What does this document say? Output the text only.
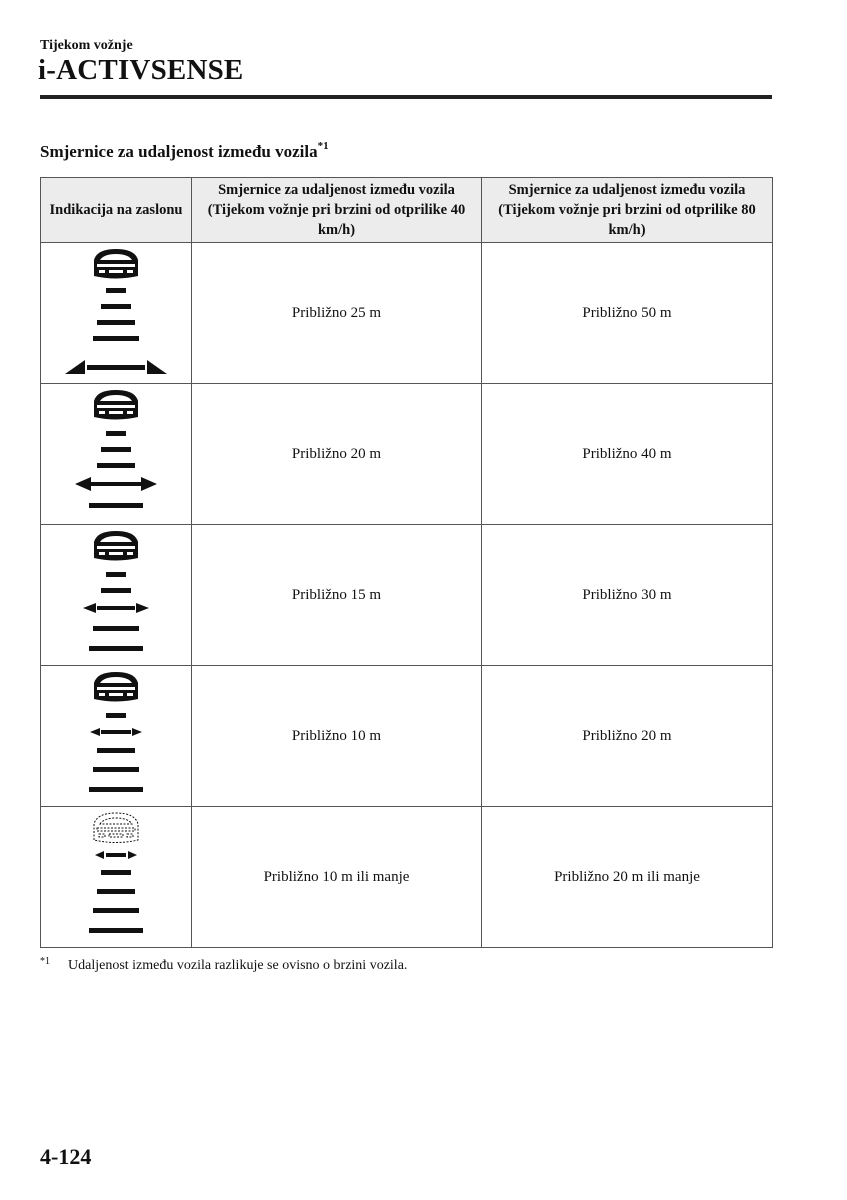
Tijekom vožnje
i-ACTIVSENSE
Smjernice za udaljenost između vozila$^{*1}$
Indikacija na zaslonu	Smjernice za udaljenost između vozila (Tijekom vožnje pri brzini od otprilike 40 km/h)	Smjernice za udaljenost između vozila (Tijekom vožnje pri brzini od otprilike 80 km/h)

	Približno 25 m	Približno 50 m

	Približno 20 m	Približno 40 m

	Približno 15 m	Približno 30 m

	Približno 10 m	Približno 20 m

	Približno 10 m ili manje	Približno 20 m ili manje
$^{*1}$ Udaljenost između vozila razlikuje se ovisno o brzini vozila.
4-124
